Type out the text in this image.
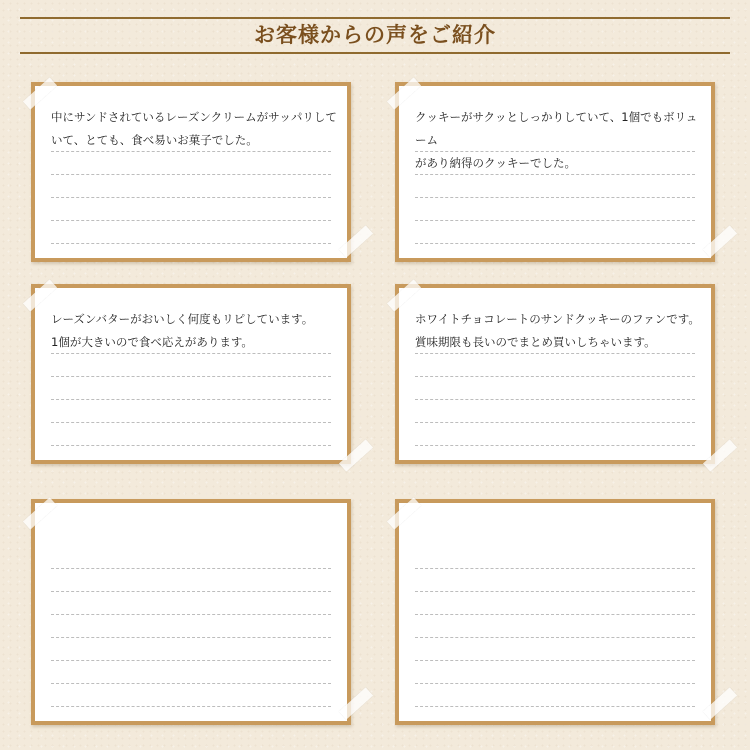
お客様からの声をご紹介
中にサンドされているレーズンクリームがサッパリして
いて、とても、食べ易いお菓子でした。
クッキーがサクッとしっかりしていて、1個でもボリューム
があり納得のクッキーでした。
レーズンバターがおいしく何度もリピしています。
1個が大きいので食べ応えがあります。
ホワイトチョコレートのサンドクッキーのファンです。
賞味期限も長いのでまとめ買いしちゃいます。
